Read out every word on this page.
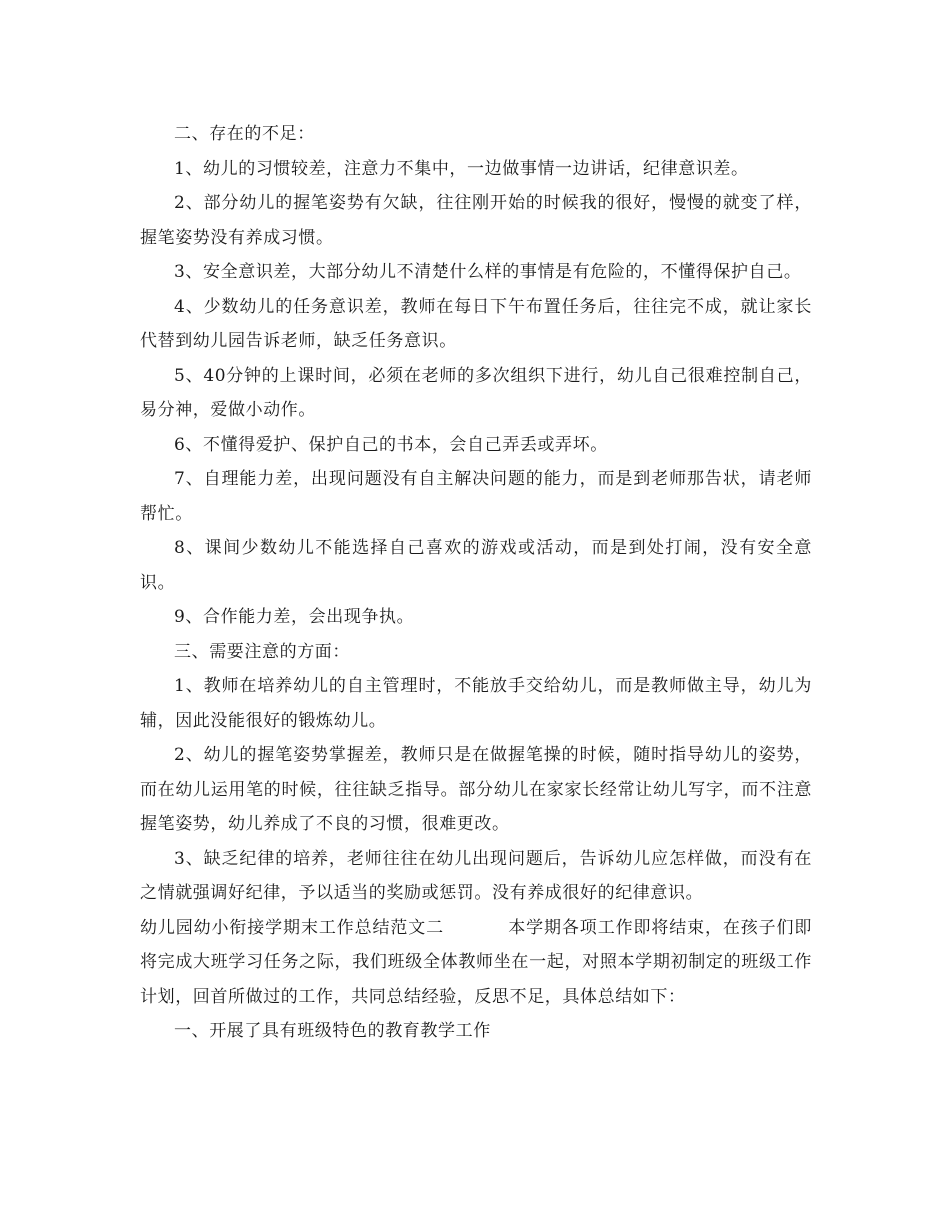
二、存在的不足：

1、幼儿的习惯较差，注意力不集中，一边做事情一边讲话，纪律意识差。

2、部分幼儿的握笔姿势有欠缺，往往刚开始的时候我的很好，慢慢的就变了样，握笔姿势没有养成习惯。

3、安全意识差，大部分幼儿不清楚什么样的事情是有危险的，不懂得保护自己。

4、少数幼儿的任务意识差，教师在每日下午布置任务后，往往完不成，就让家长代替到幼儿园告诉老师，缺乏任务意识。

5、40分钟的上课时间，必须在老师的多次组织下进行，幼儿自己很难控制自己，易分神，爱做小动作。

6、不懂得爱护、保护自己的书本，会自己弄丢或弄坏。

7、自理能力差，出现问题没有自主解决问题的能力，而是到老师那告状，请老师帮忙。

8、课间少数幼儿不能选择自己喜欢的游戏或活动，而是到处打闹，没有安全意识。

9、合作能力差，会出现争执。

三、需要注意的方面：

1、教师在培养幼儿的自主管理时，不能放手交给幼儿，而是教师做主导，幼儿为辅，因此没能很好的锻炼幼儿。

2、幼儿的握笔姿势掌握差，教师只是在做握笔操的时候，随时指导幼儿的姿势，而在幼儿运用笔的时候，往往缺乏指导。部分幼儿在家家长经常让幼儿写字，而不注意握笔姿势，幼儿养成了不良的习惯，很难更改。

3、缺乏纪律的培养，老师往往在幼儿出现问题后，告诉幼儿应怎样做，而没有在之情就强调好纪律，予以适当的奖励或惩罚。没有养成很好的纪律意识。

幼儿园幼小衔接学期末工作总结范文二	本学期各项工作即将结束，在孩子们即将完成大班学习任务之际，我们班级全体教师坐在一起，对照本学期初制定的班级工作计划，回首所做过的工作，共同总结经验，反思不足，具体总结如下：

一、开展了具有班级特色的教育教学工作
